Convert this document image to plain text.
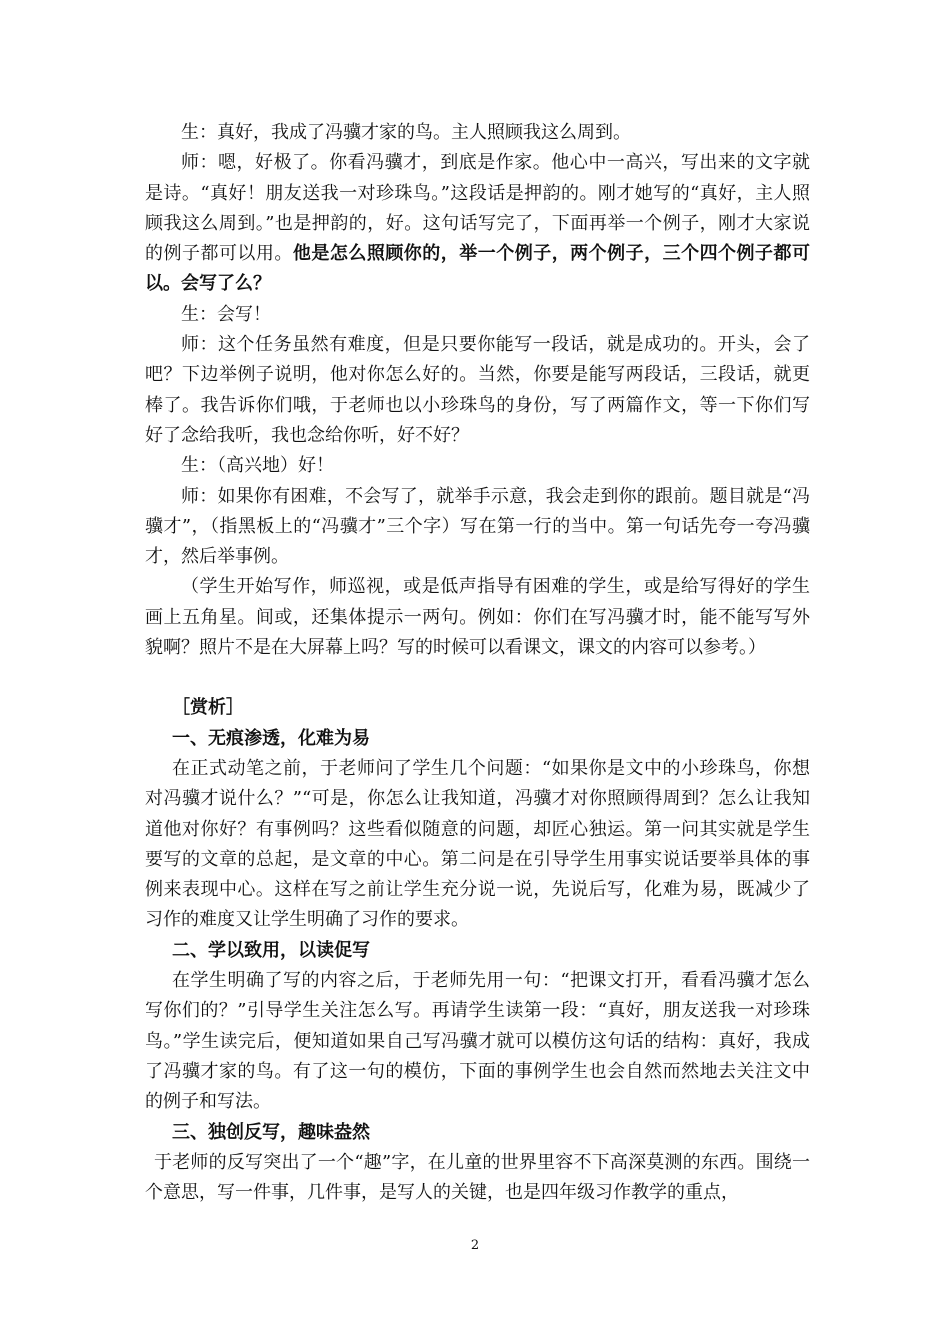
生：真好，我成了冯骥才家的鸟。主人照顾我这么周到。

师：嗯，好极了。你看冯骥才，到底是作家。他心中一高兴，写出来的文字就是诗。“真好！朋友送我一对珍珠鸟。”这段话是押韵的。刚才她写的“真好，主人照顾我这么周到。”也是押韵的，好。这句话写完了，下面再举一个例子，刚才大家说的例子都可以用。他是怎么照顾你的，举一个例子，两个例子，三个四个例子都可以。会写了么？

生：会写！

师：这个任务虽然有难度，但是只要你能写一段话，就是成功的。开头，会了吧？下边举例子说明，他对你怎么好的。当然，你要是能写两段话，三段话，就更棒了。我告诉你们哦，于老师也以小珍珠鸟的身份，写了两篇作文，等一下你们写好了念给我听，我也念给你听，好不好？

生：（高兴地）好！

师：如果你有困难，不会写了，就举手示意，我会走到你的跟前。题目就是“冯骥才”，（指黑板上的“冯骥才”三个字）写在第一行的当中。第一句话先夸一夸冯骥才，然后举事例。

（学生开始写作，师巡视，或是低声指导有困难的学生，或是给写得好的学生画上五角星。间或，还集体提示一两句。例如：你们在写冯骥才时，能不能写写外貌啊？照片不是在大屏幕上吗？写的时候可以看课文，课文的内容可以参考。）

［赏析］

一、无痕渗透，化难为易

在正式动笔之前，于老师问了学生几个问题：“如果你是文中的小珍珠鸟，你想对冯骥才说什么？”“可是，你怎么让我知道，冯骥才对你照顾得周到？怎么让我知道他对你好？有事例吗？这些看似随意的问题，却匠心独运。第一问其实就是学生要写的文章的总起，是文章的中心。第二问是在引导学生用事实说话要举具体的事例来表现中心。这样在写之前让学生充分说一说，先说后写，化难为易，既减少了习作的难度又让学生明确了习作的要求。

二、学以致用，以读促写

在学生明确了写的内容之后，于老师先用一句：“把课文打开，看看冯骥才怎么写你们的？”引导学生关注怎么写。再请学生读第一段：“真好，朋友送我一对珍珠鸟。”学生读完后，便知道如果自己写冯骥才就可以模仿这句话的结构：真好，我成了冯骥才家的鸟。有了这一句的模仿，下面的事例学生也会自然而然地去关注文中的例子和写法。

三、独创反写，趣味盎然

于老师的反写突出了一个“趣”字，在儿童的世界里容不下高深莫测的东西。围绕一个意思，写一件事，几件事，是写人的关键，也是四年级习作教学的重点，

2
